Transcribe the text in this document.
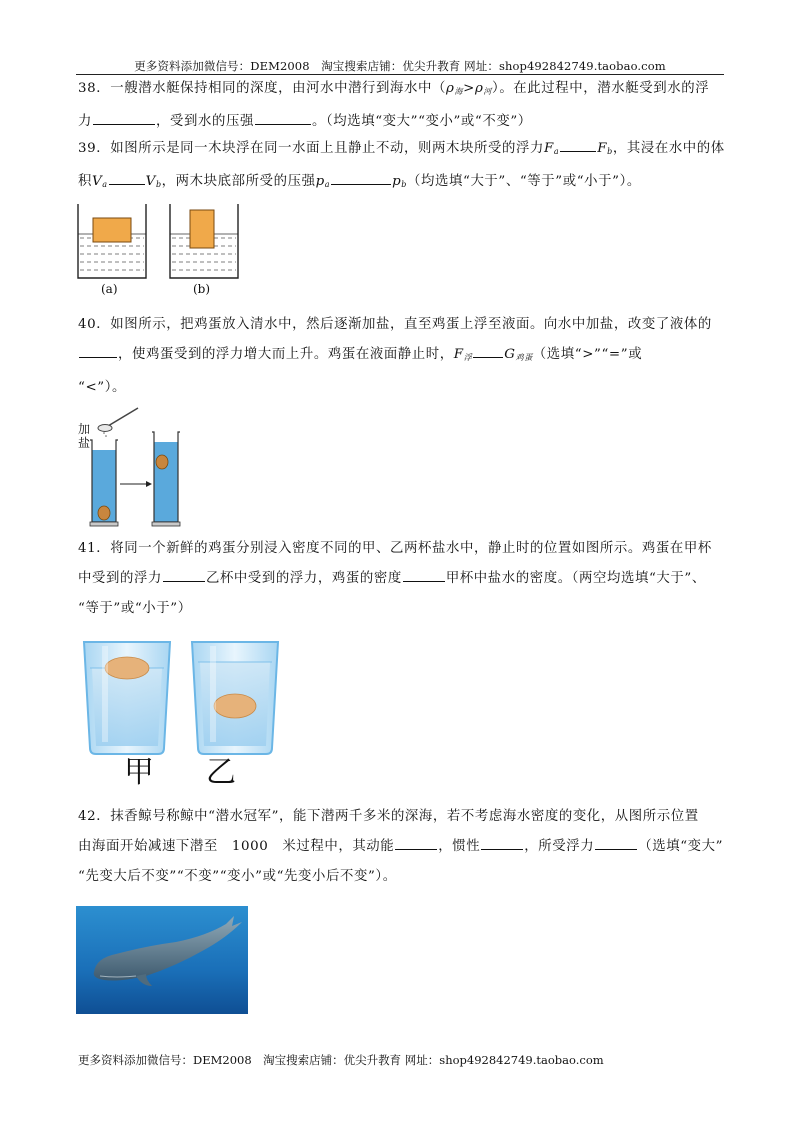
更多资料添加微信号：DEM2008　淘宝搜索店铺：优尖升教育 网址：shop492842749.taobao.com
38．一艘潜水艇保持相同的深度，由河水中潜行到海水中$(\rho_海>\rho_河)$。在此过程中，潜水艇受到水的浮
力	，受到水的压强	。（均选填“变大”“变小”或“不变”）
39．如图所示是同一木块浮在同一水面上且静止不动，则两木块所受的浮力$F_a$	$F_b$，其浸在水中的体
积$V_a$	$V_b$，两木块底部所受的压强$p_a$	$p_b$（均选填“大于”、“等于”或“小于”）。
(a)	(b)
40．如图所示，把鸡蛋放入清水中，然后逐渐加盐，直至鸡蛋上浮至液面。向水中加盐，改变了液体的
，使鸡蛋受到的浮力增大而上升。鸡蛋在液面静止时，$F_浮$ $G_{鸡蛋}$（选填“>”“=”或
“<”）。
加
盐
41．将同一个新鲜的鸡蛋分别浸入密度不同的甲、乙两杯盐水中，静止时的位置如图所示。鸡蛋在甲杯
中受到的浮力	乙杯中受到的浮力，鸡蛋的密度	甲杯中盐水的密度。（两空均选填“大于”、
“等于”或“小于”）
甲 乙
42．抹香鲸号称鲸中“潜水冠军”，能下潜两千多米的深海，若不考虑海水密度的变化，从图所示位置
由海面开始减速下潜至　1000　米过程中，其动能	，惯性	，所受浮力	（选填“变大”
“先变大后不变”“不变”“变小”或“先变小后不变”）。
更多资料添加微信号：DEM2008　淘宝搜索店铺：优尖升教育 网址：shop492842749.taobao.com
